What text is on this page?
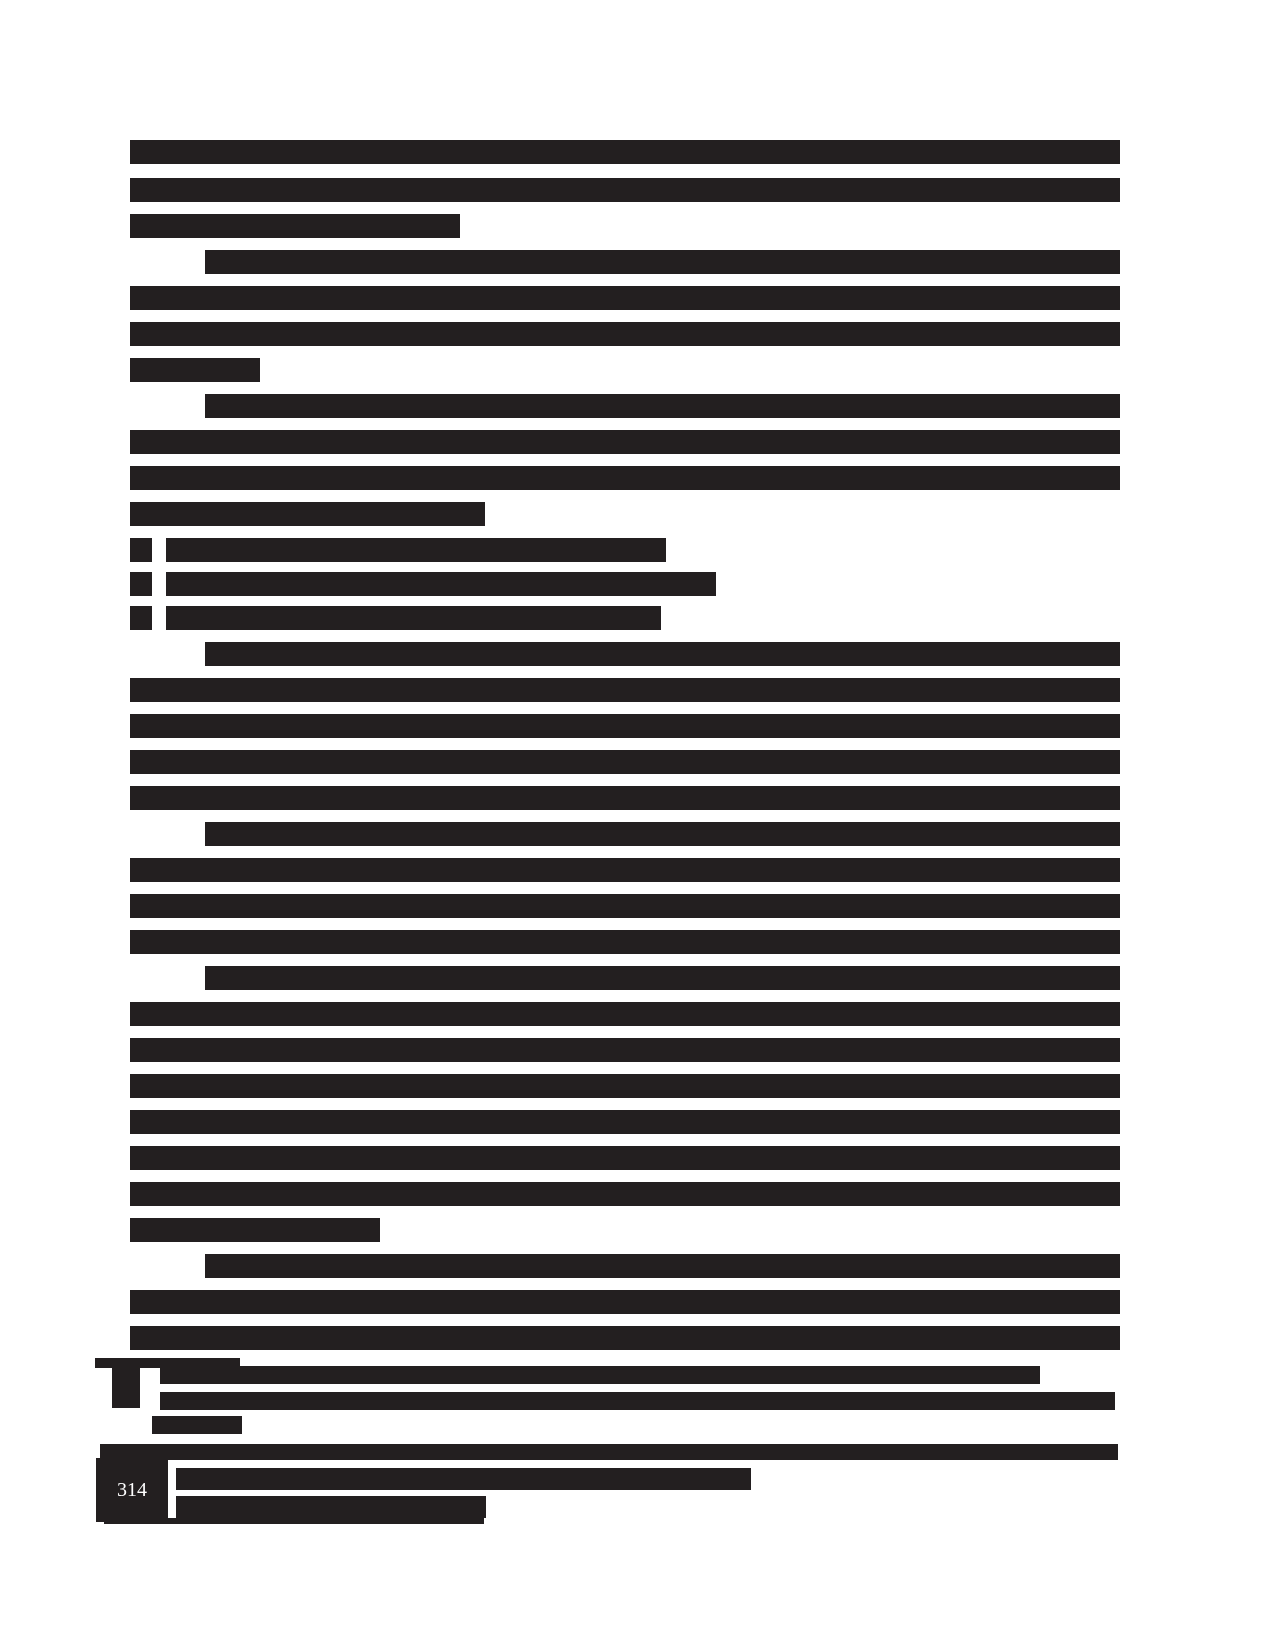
314
